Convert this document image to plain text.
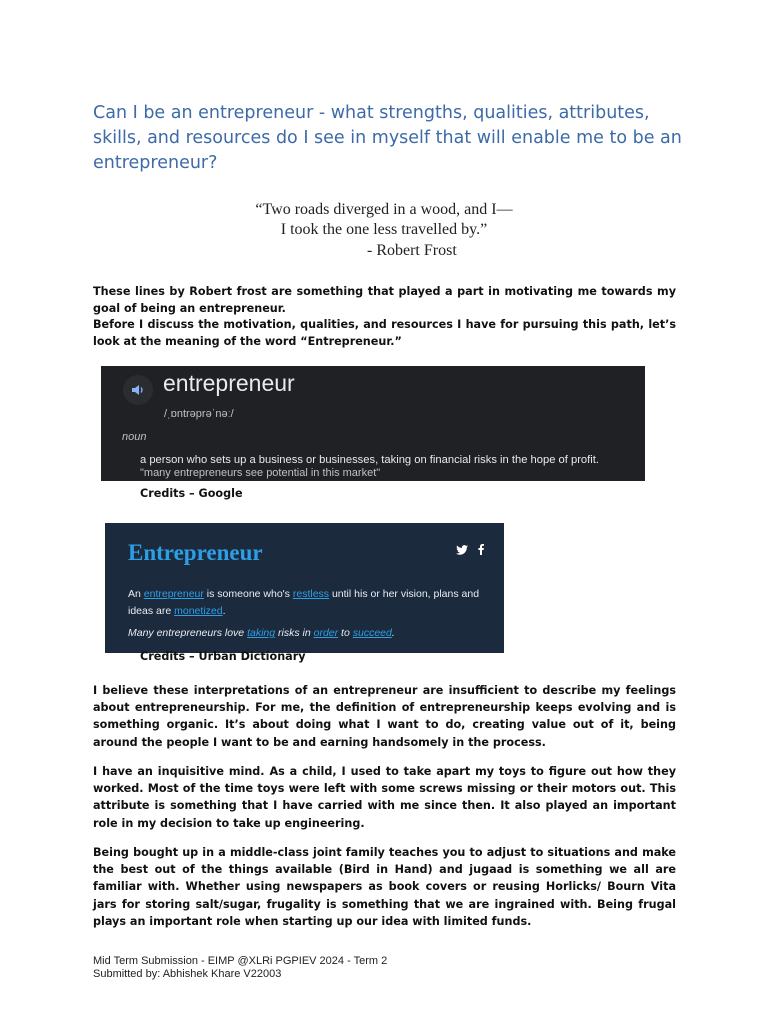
Can I be an entrepreneur - what strengths, qualities, attributes, skills, and resources do I see in myself that will enable me to be an entrepreneur?
“Two roads diverged in a wood, and I—
I took the one less travelled by.”
- Robert Frost

These lines by Robert frost are something that played a part in motivating me towards my goal of being an entrepreneur.

Before I discuss the motivation, qualities, and resources I have for pursuing this path, let’s look at the meaning of the word “Entrepreneur.”

entrepreneur
/ˌɒntrəprəˈnəː/
noun
a person who sets up a business or businesses, taking on financial risks in the hope of profit.
"many entrepreneurs see potential in this market"
Credits – Google
Entrepreneur
An entrepreneur is someone who's restless until his or her vision, plans and ideas are monetized.
Many entrepreneurs love taking risks in order to succeed.
Credits – Urban Dictionary

I believe these interpretations of an entrepreneur are insufficient to describe my feelings about entrepreneurship. For me, the definition of entrepreneurship keeps evolving and is something organic. It’s about doing what I want to do, creating value out of it, being around the people I want to be and earning handsomely in the process.

I have an inquisitive mind. As a child, I used to take apart my toys to figure out how they worked. Most of the time toys were left with some screws missing or their motors out. This attribute is something that I have carried with me since then. It also played an important role in my decision to take up engineering.

Being bought up in a middle-class joint family teaches you to adjust to situations and make the best out of the things available (Bird in Hand) and jugaad is something we all are familiar with. Whether using newspapers as book covers or reusing Horlicks/ Bourn Vita jars for storing salt/sugar, frugality is something that we are ingrained with. Being frugal plays an important role when starting up our idea with limited funds.

Mid Term Submission - EIMP @XLRi PGPIEV 2024 - Term 2
Submitted by: Abhishek Khare V22003
